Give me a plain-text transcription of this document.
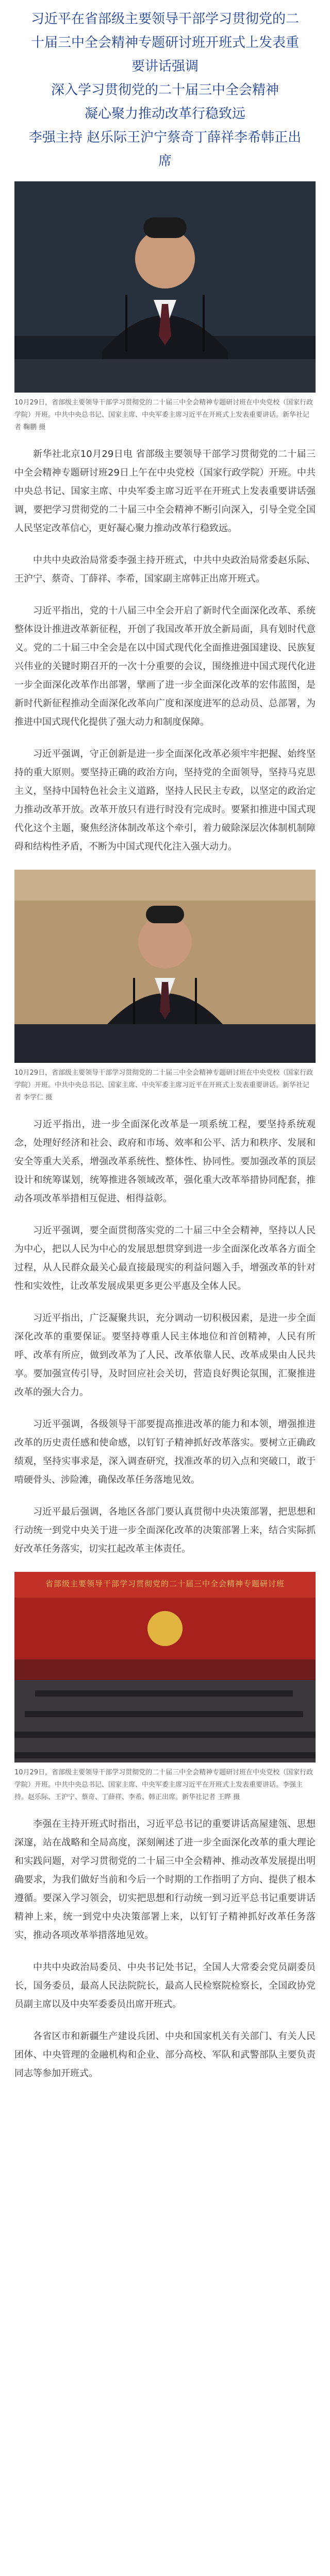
习近平在省部级主要领导干部学习贯彻党的二
十届三中全会精神专题研讨班开班式上发表重
要讲话强调
深入学习贯彻党的二十届三中全会精神
凝心聚力推动改革行稳致远
李强主持 赵乐际王沪宁蔡奇丁薛祥李希韩正出
席

10月29日，省部级主要领导干部学习贯彻党的二十届三中全会精神专题研讨班在中央党校（国家行政学院）开班。中共中央总书记、国家主席、中央军委主席习近平在开班式上发表重要讲话。新华社记者 鞠鹏 摄

新华社北京10月29日电 省部级主要领导干部学习贯彻党的二十届三中全会精神专题研讨班29日上午在中央党校（国家行政学院）开班。中共中央总书记、国家主席、中央军委主席习近平在开班式上发表重要讲话强调，要把学习贯彻党的二十届三中全会精神不断引向深入，引导全党全国人民坚定改革信心，更好凝心聚力推动改革行稳致远。

中共中央政治局常委李强主持开班式，中共中央政治局常委赵乐际、王沪宁、蔡奇、丁薛祥、李希，国家副主席韩正出席开班式。

习近平指出，党的十八届三中全会开启了新时代全面深化改革、系统整体设计推进改革新征程，开创了我国改革开放全新局面，具有划时代意义。党的二十届三中全会是在以中国式现代化全面推进强国建设、民族复兴伟业的关键时期召开的一次十分重要的会议，围绕推进中国式现代化进一步全面深化改革作出部署，擘画了进一步全面深化改革的宏伟蓝图，是新时代新征程推动全面深化改革向广度和深度进军的总动员、总部署，为推进中国式现代化提供了强大动力和制度保障。

习近平强调，守正创新是进一步全面深化改革必须牢牢把握、始终坚持的重大原则。要坚持正确的政治方向，坚持党的全面领导，坚持马克思主义，坚持中国特色社会主义道路，坚持人民民主专政，以坚定的政治定力推动改革开放。改革开放只有进行时没有完成时。要紧扣推进中国式现代化这个主题，聚焦经济体制改革这个牵引，着力破除深层次体制机制障碍和结构性矛盾，不断为中国式现代化注入强大动力。

10月29日，省部级主要领导干部学习贯彻党的二十届三中全会精神专题研讨班在中央党校（国家行政学院）开班。中共中央总书记、国家主席、中央军委主席习近平在开班式上发表重要讲话。新华社记者 李学仁 摄

习近平指出，进一步全面深化改革是一项系统工程，要坚持系统观念，处理好经济和社会、政府和市场、效率和公平、活力和秩序、发展和安全等重大关系，增强改革系统性、整体性、协同性。要加强改革的顶层设计和统筹谋划，统筹推进各领域改革，强化重大改革举措协同配套，推动各项改革举措相互促进、相得益彰。

习近平强调，要全面贯彻落实党的二十届三中全会精神，坚持以人民为中心，把以人民为中心的发展思想贯穿到进一步全面深化改革各方面全过程，从人民群众最关心最直接最现实的利益问题入手，增强改革的针对性和实效性，让改革发展成果更多更公平惠及全体人民。

习近平指出，广泛凝聚共识，充分调动一切积极因素，是进一步全面深化改革的重要保证。要坚持尊重人民主体地位和首创精神，人民有所呼、改革有所应，做到改革为了人民、改革依靠人民、改革成果由人民共享。要加强宣传引导，及时回应社会关切，营造良好舆论氛围，汇聚推进改革的强大合力。

习近平强调，各级领导干部要提高推进改革的能力和本领，增强推进改革的历史责任感和使命感，以钉钉子精神抓好改革落实。要树立正确政绩观，坚持实事求是，深入调查研究，找准改革的切入点和突破口，敢于啃硬骨头、涉险滩，确保改革任务落地见效。

习近平最后强调，各地区各部门要认真贯彻中央决策部署，把思想和行动统一到党中央关于进一步全面深化改革的决策部署上来，结合实际抓好改革任务落实，切实扛起改革主体责任。

省部级主要领导干部学习贯彻党的二十届三中全会精神专题研讨班

10月29日，省部级主要领导干部学习贯彻党的二十届三中全会精神专题研讨班在中央党校（国家行政学院）开班。中共中央总书记、国家主席、中央军委主席习近平在开班式上发表重要讲话。李强主持。赵乐际、王沪宁、蔡奇、丁薛祥、李希、韩正出席。新华社记者 王晔 摄

李强在主持开班式时指出，习近平总书记的重要讲话高屋建瓴、思想深邃，站在战略和全局高度，深刻阐述了进一步全面深化改革的重大理论和实践问题，对学习贯彻党的二十届三中全会精神、推动改革发展提出明确要求，为我们做好当前和今后一个时期的工作指明了方向、提供了根本遵循。要深入学习领会，切实把思想和行动统一到习近平总书记重要讲话精神上来，统一到党中央决策部署上来，以钉钉子精神抓好改革任务落实，推动各项改革举措落地见效。

中共中央政治局委员、中央书记处书记，全国人大常委会党员副委员长，国务委员，最高人民法院院长，最高人民检察院检察长，全国政协党员副主席以及中央军委委员出席开班式。

各省区市和新疆生产建设兵团、中央和国家机关有关部门、有关人民团体、中央管理的金融机构和企业、部分高校、军队和武警部队主要负责同志等参加开班式。
